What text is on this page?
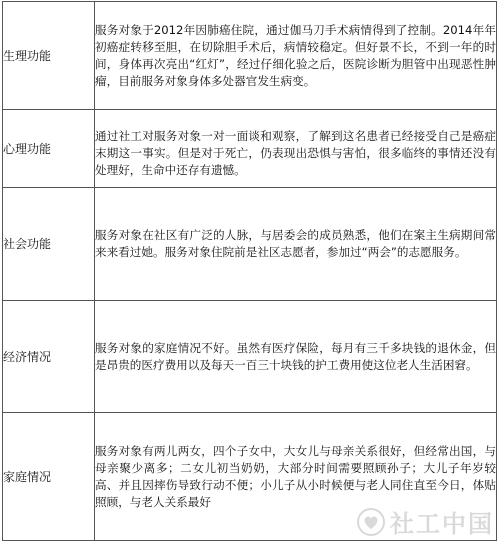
生理功能	服务对象于2012年因肺癌住院，通过伽马刀手术病情得到了控制。2014年年初癌症转移至胆，在切除胆手术后，病情较稳定。但好景不长，不到一年的时间，身体再次亮出“红灯”，经过仔细化验之后，医院诊断为胆管中出现恶性肿瘤，目前服务对象身体多处器官发生病变。
心理功能	通过社工对服务对象一对一面谈和观察，了解到这名患者已经接受自己是癌症末期这一事实。但是对于死亡，仍表现出恐惧与害怕，很多临终的事情还没有处理好，生命中还存有遗憾。
社会功能	服务对象在社区有广泛的人脉，与居委会的成员熟悉，他们在案主生病期间常来来看过她。服务对象住院前是社区志愿者，参加过“两会”的志愿服务。
经济情况	服务对象的家庭情况不好。虽然有医疗保险，每月有三千多块钱的退休金，但是昂贵的医疗费用以及每天一百三十块钱的护工费用使这位老人生活困窘。
家庭情况	服务对象有两儿两女，四个子女中，大女儿与母亲关系很好，但经常出国，与母亲聚少离多；二女儿初当奶奶，大部分时间需要照顾孙子；大儿子年岁较高、并且因摔伤导致行动不便；小儿子从小时候便与老人同住直至今日，体贴照顾，与老人关系最好
社工中国
